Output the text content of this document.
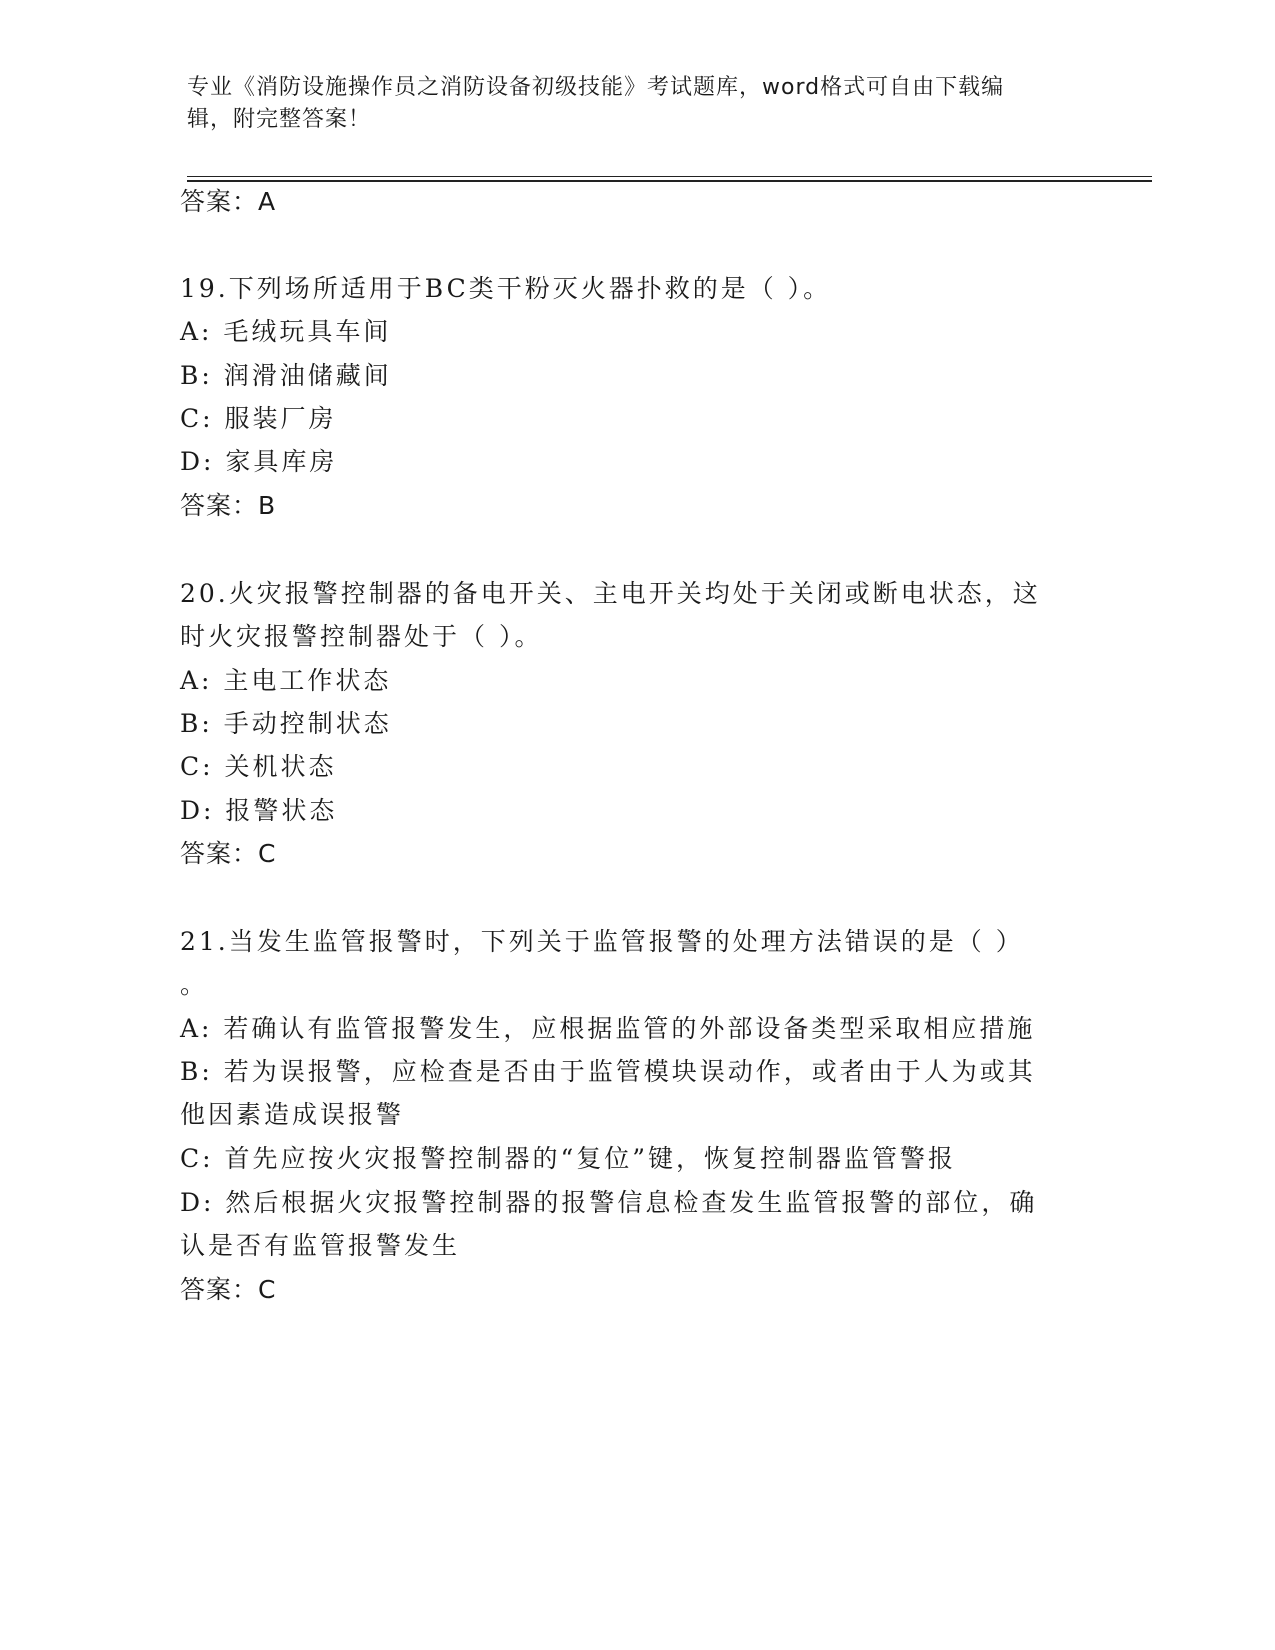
专业《消防设施操作员之消防设备初级技能》考试题库，word格式可自由下载编
辑，附完整答案！
答案：A
19.下列场所适用于BC类干粉灭火器扑救的是（ ）。
A: 毛绒玩具车间
B: 润滑油储藏间
C: 服装厂房
D: 家具库房
答案：B
20.火灾报警控制器的备电开关、主电开关均处于关闭或断电状态，这
时火灾报警控制器处于（ ）。
A: 主电工作状态
B: 手动控制状态
C: 关机状态
D: 报警状态
答案：C
21.当发生监管报警时，下列关于监管报警的处理方法错误的是（ ）
。
A: 若确认有监管报警发生，应根据监管的外部设备类型采取相应措施
B: 若为误报警，应检查是否由于监管模块误动作，或者由于人为或其
他因素造成误报警
C: 首先应按火灾报警控制器的“复位”键，恢复控制器监管警报
D: 然后根据火灾报警控制器的报警信息检查发生监管报警的部位，确
认是否有监管报警发生
答案：C
